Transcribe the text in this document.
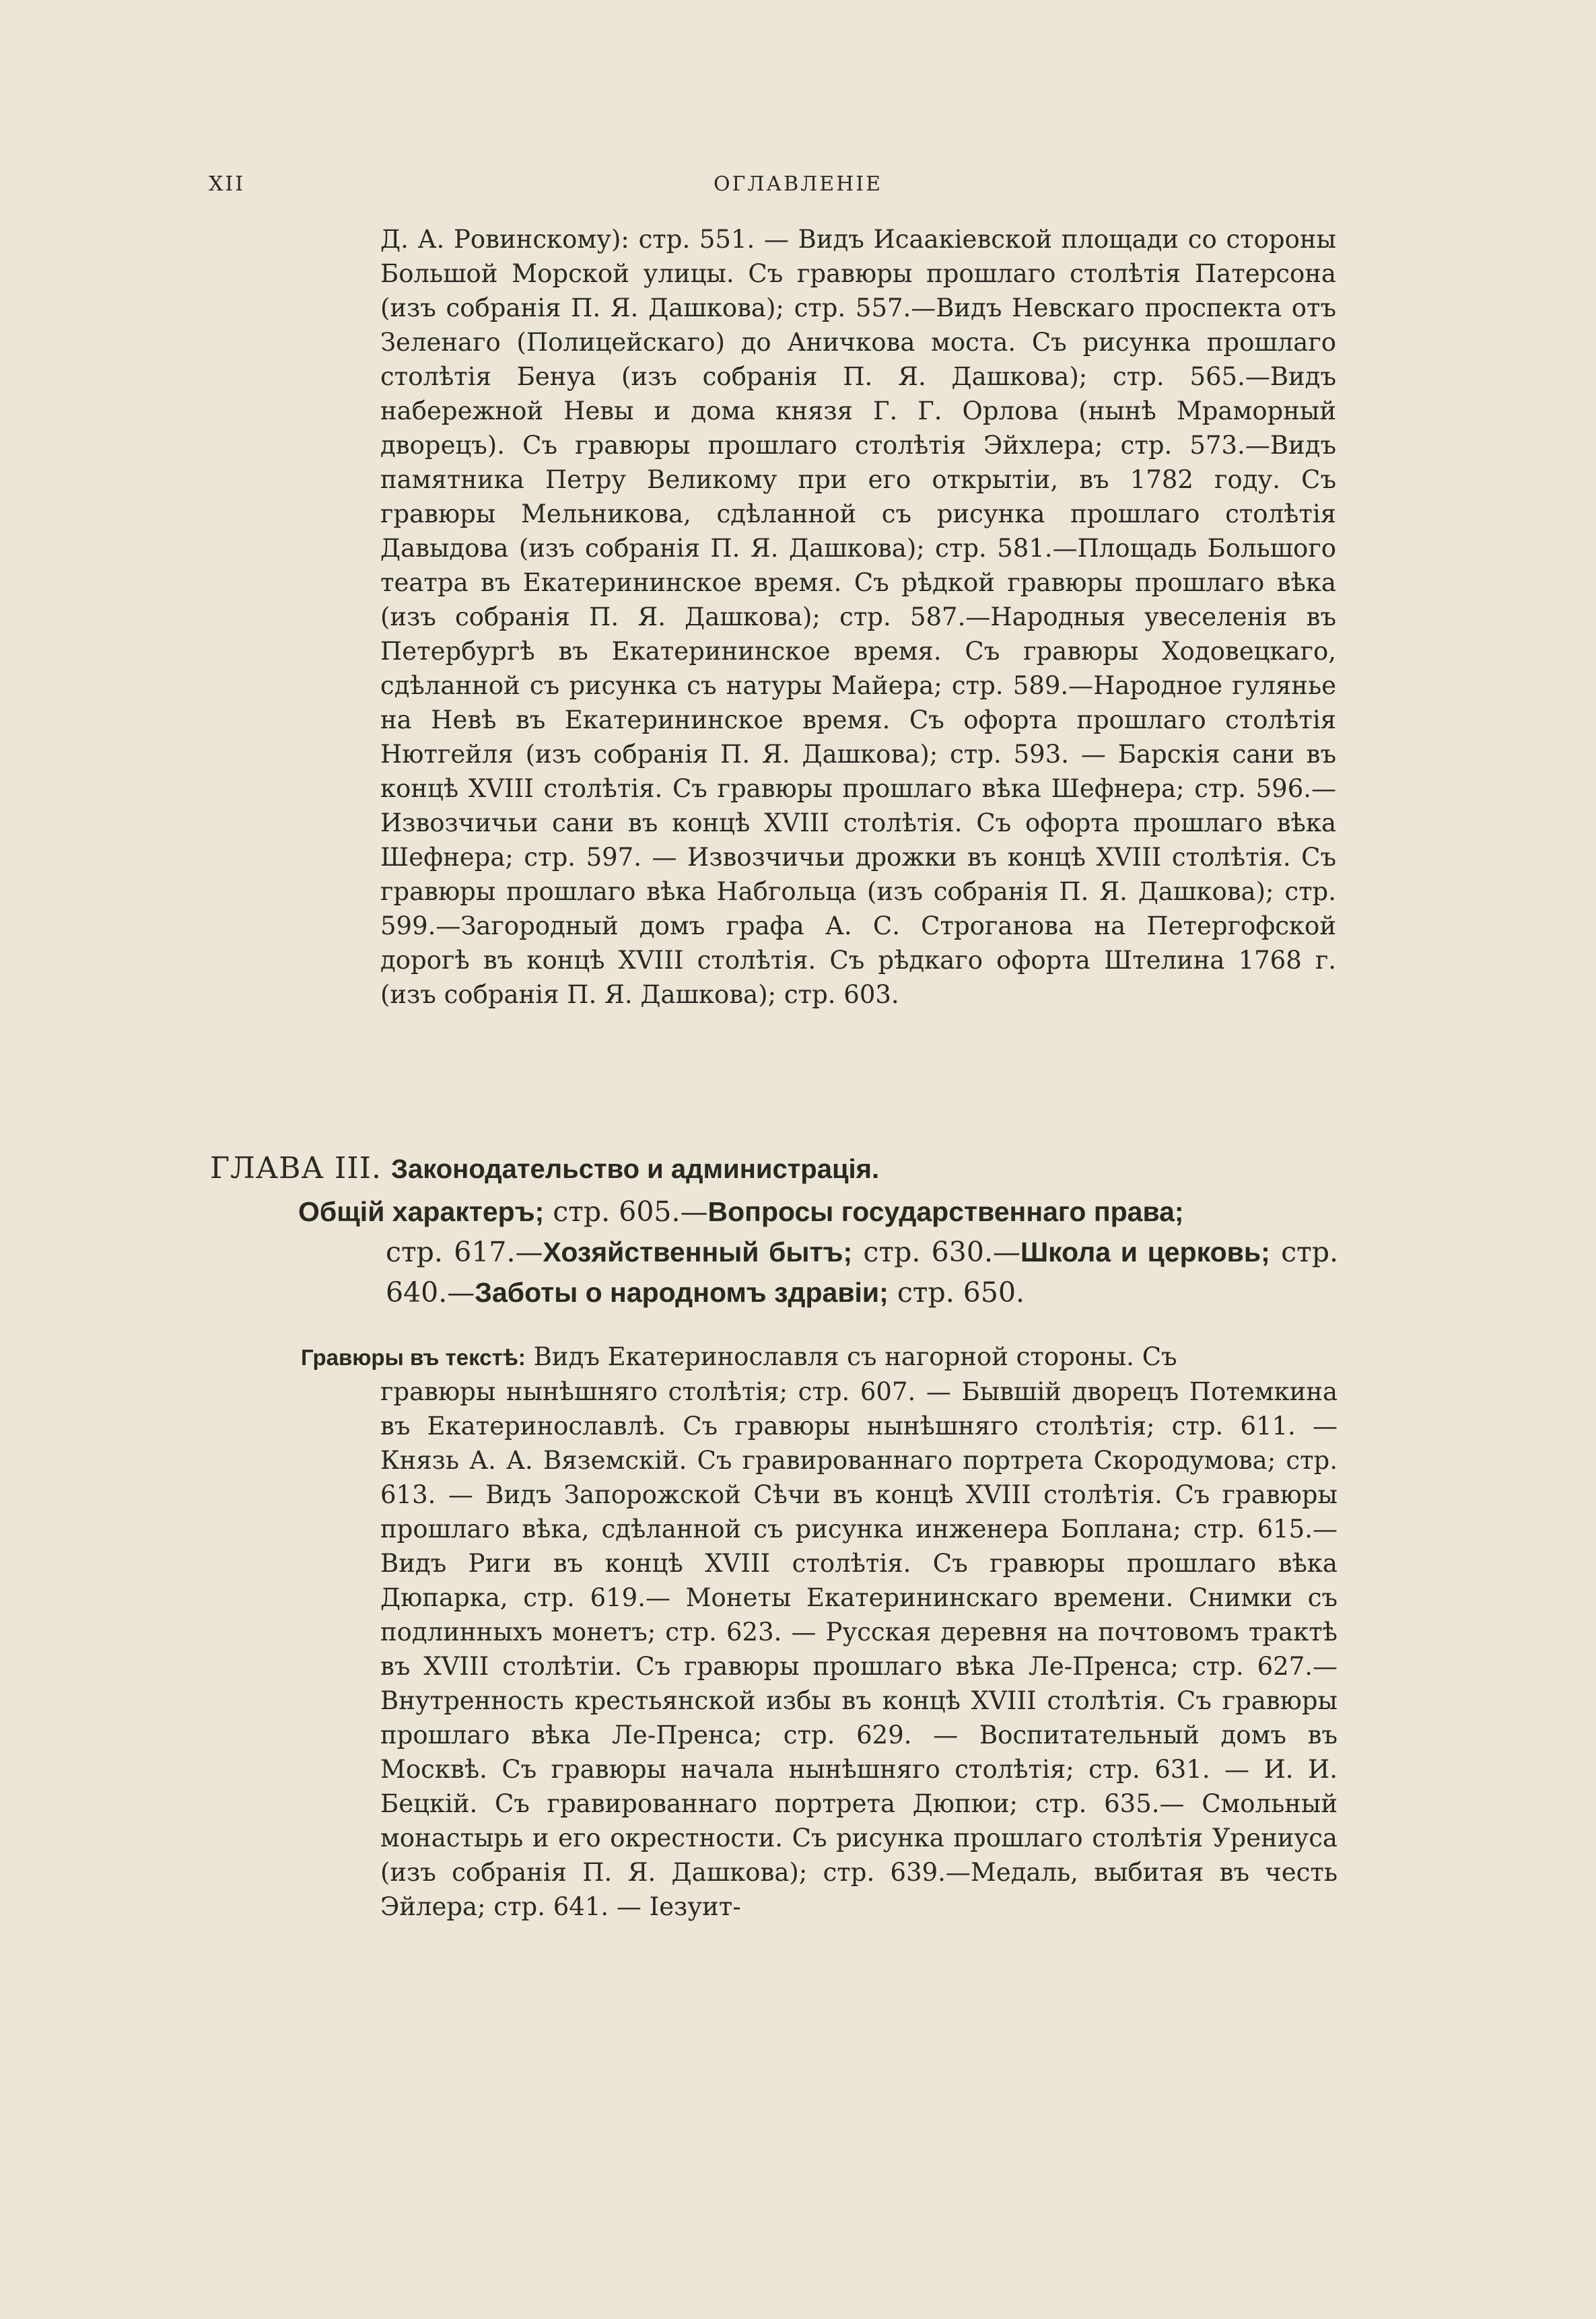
XII	ОГЛАВЛЕНІЕ
Д. А. Ровинскому): стр. 551. — Видъ Исаакіевской площади со стороны Большой Морской улицы. Съ гравюры прошлаго столѣтія Патерсона (изъ собранія П. Я. Дашкова); стр. 557.—Видъ Невскаго проспекта отъ Зеленаго (Полицейскаго) до Аничкова моста. Съ рисунка прошлаго столѣтія Бенуа (изъ собранія П. Я. Дашкова); стр. 565.—Видъ набережной Невы и дома князя Г. Г. Орлова (нынѣ Мраморный дворецъ). Съ гравюры прошлаго столѣтія Эйхлера; стр. 573.—Видъ памятника Петру Великому при его открытіи, въ 1782 году. Съ гравюры Мельникова, сдѣланной съ рисунка прошлаго столѣтія Давыдова (изъ собранія П. Я. Дашкова); стр. 581.—Площадь Большого театра въ Екатерининское время. Съ рѣдкой гравюры прошлаго вѣка (изъ собранія П. Я. Дашкова); стр. 587.—Народныя увеселенія въ Петербургѣ въ Екатерининское время. Съ гравюры Ходовецкаго, сдѣланной съ рисунка съ натуры Майера; стр. 589.—Народное гулянье на Невѣ въ Екатерининское время. Съ офорта прошлаго столѣтія Нютгейля (изъ собранія П. Я. Дашкова); стр. 593. — Барскія сани въ концѣ XVIII столѣтія. Съ гравюры прошлаго вѣка Шефнера; стр. 596.—Извозчичьи сани въ концѣ XVIII столѣтія. Съ офорта прошлаго вѣка Шефнера; стр. 597. — Извозчичьи дрожки въ концѣ XVIII столѣтія. Съ гравюры прошлаго вѣка Набгольца (изъ собранія П. Я. Дашкова); стр. 599.—Загородный домъ графа А. С. Строганова на Петергофской дорогѣ въ концѣ XVIII столѣтія. Съ рѣдкаго офорта Штелина 1768 г. (изъ собранія П. Я. Дашкова); стр. 603.
ГЛАВА III. Законодательство и администрація.
Общій характеръ; стр. 605.—Вопросы государственнаго права;
стр. 617.—Хозяйственный бытъ; стр. 630.—Школа и церковь; стр. 640.—Заботы о народномъ здравіи; стр. 650.
Гравюры въ текстѣ: Видъ Екатеринославля съ нагорной стороны. Съ
гравюры нынѣшняго столѣтія; стр. 607. — Бывшій дворецъ Потемкина въ Екатеринославлѣ. Съ гравюры нынѣшняго столѣтія; стр. 611. — Князь А. А. Вяземскій. Съ гравированнаго портрета Скородумова; стр. 613. — Видъ Запорожской Сѣчи въ концѣ XVIII столѣтія. Съ гравюры прошлаго вѣка, сдѣланной съ рисунка инженера Боплана; стр. 615.—Видъ Риги въ концѣ XVIII столѣтія. Съ гравюры прошлаго вѣка Дюпарка, стр. 619.— Монеты Екатерининскаго времени. Снимки съ подлинныхъ монетъ; стр. 623. — Русская деревня на почтовомъ трактѣ въ XVIII столѣтіи. Съ гравюры прошлаго вѣка Ле-Пренса; стр. 627.— Внутренность крестьянской избы въ концѣ XVIII столѣтія. Съ гравюры прошлаго вѣка Ле-Пренса; стр. 629. — Воспитательный домъ въ Москвѣ. Съ гравюры начала нынѣшняго столѣтія; стр. 631. — И. И. Бецкій. Съ гравированнаго портрета Дюпюи; стр. 635.— Смольный монастырь и его окрестности. Съ рисунка прошлаго столѣтія Урениуса (изъ собранія П. Я. Дашкова); стр. 639.—Медаль, выбитая въ честь Эйлера; стр. 641. — Іезуит-
